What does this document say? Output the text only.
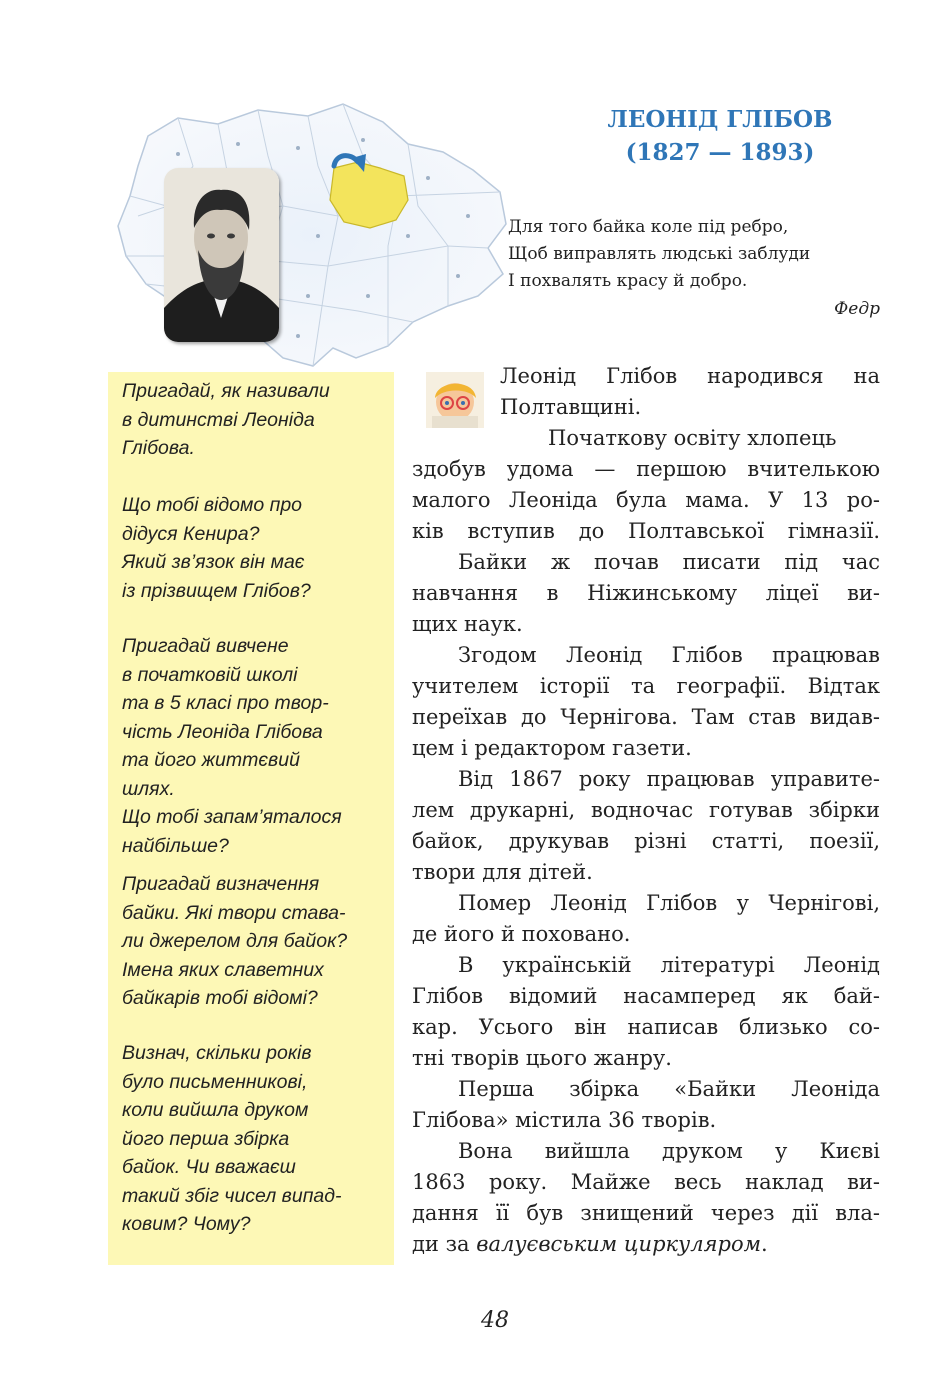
ЛЕОНІД ГЛІБОВ
(1827 — 1893)
Для того байка коле під ребро,
Щоб виправлять людські заблуди
І похвалять красу й добро.
Федр
Пригадай, як називали
в дитинстві Леоніда
Глібова.
Що тобі відомо про
дідуся Кенира?
Який зв’язок він має
із прізвищем Глібов?
Пригадай вивчене
в початковій школі
та в 5 класі про твор-
чість Леоніда Глібова
та його життєвий
шлях.
Що тобі запам’яталося
найбільше?
Пригадай визначення
байки. Які твори става-
ли джерелом для байок?
Імена яких славетних
байкарів тобі відомі?
Визнач, скільки років
було письменникові,
коли вийшла друком
його перша збірка
байок. Чи вважаєш
такий збіг чисел випад-
ковим? Чому?
Леонід Глібов народився на
Полтавщині.
Початкову освіту хлопець
здобув удома — першою вчителькою
малого Леоніда була мама. У 13 ро-
ків вступив до Полтавської гімназії.
Байки ж почав писати під час
навчання в Ніжинському ліцеї ви-
щих наук.
Згодом Леонід Глібов працював
учителем історії та географії. Відтак
переїхав до Чернігова. Там став видав-
цем і редактором газети.
Від 1867 року працював управите-
лем друкарні, водночас готував збірки
байок, друкував різні статті, поезії,
твори для дітей.
Помер Леонід Глібов у Чернігові,
де його й поховано.
В українській літературі Леонід
Глібов відомий насамперед як бай-
кар. Усього він написав близько со-
тні творів цього жанру.
Перша збірка «Байки Леоніда
Глібова» містила 36 творів.
Вона вийшла друком у Києві
1863 року. Майже весь наклад ви-
дання її був знищений через дії вла-
ди за валуєвським циркуляром.
48
